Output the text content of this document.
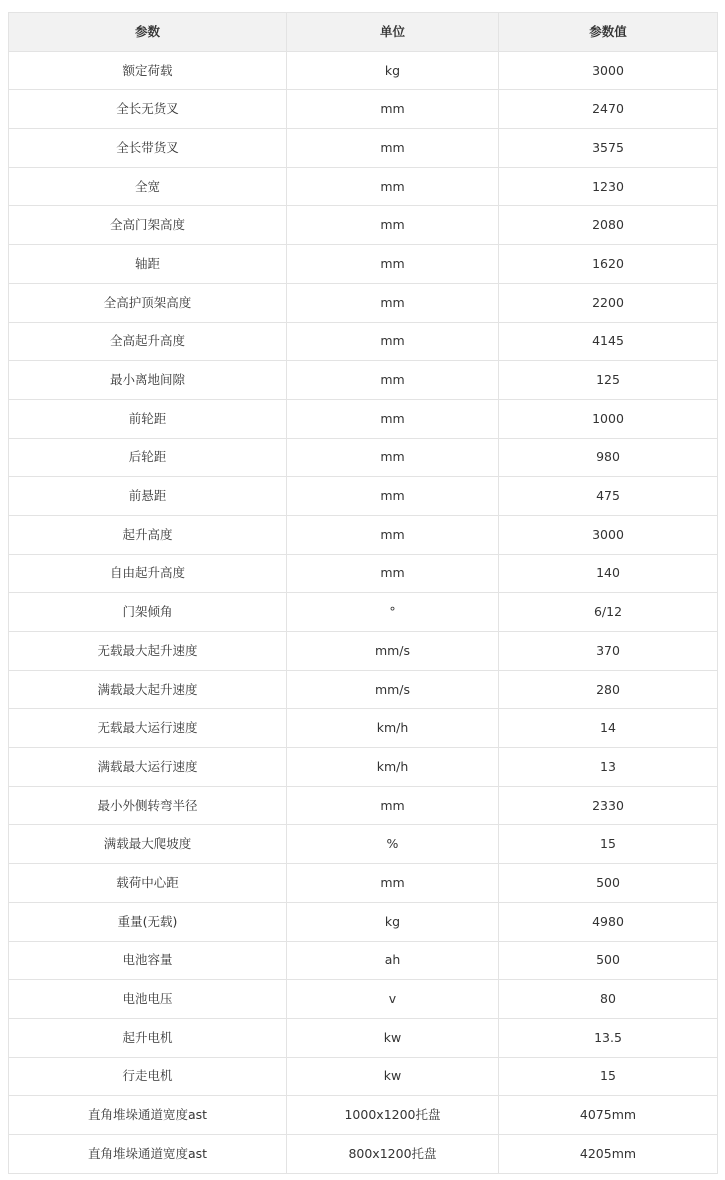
参数	单位	参数值
额定荷载	kg	3000
全长无货叉	mm	2470
全长带货叉	mm	3575
全宽	mm	1230
全高门架高度	mm	2080
轴距	mm	1620
全高护顶架高度	mm	2200
全高起升高度	mm	4145
最小离地间隙	mm	125
前轮距	mm	1000
后轮距	mm	980
前悬距	mm	475
起升高度	mm	3000
自由起升高度	mm	140
门架倾角	°	6/12
无载最大起升速度	mm/s	370
满载最大起升速度	mm/s	280
无载最大运行速度	km/h	14
满载最大运行速度	km/h	13
最小外侧转弯半径	mm	2330
满载最大爬坡度	%	15
载荷中心距	mm	500
重量(无载)	kg	4980
电池容量	ah	500
电池电压	v	80
起升电机	kw	13.5
行走电机	kw	15
直角堆垛通道宽度ast	1000x1200托盘	4075mm
直角堆垛通道宽度ast	800x1200托盘	4205mm
